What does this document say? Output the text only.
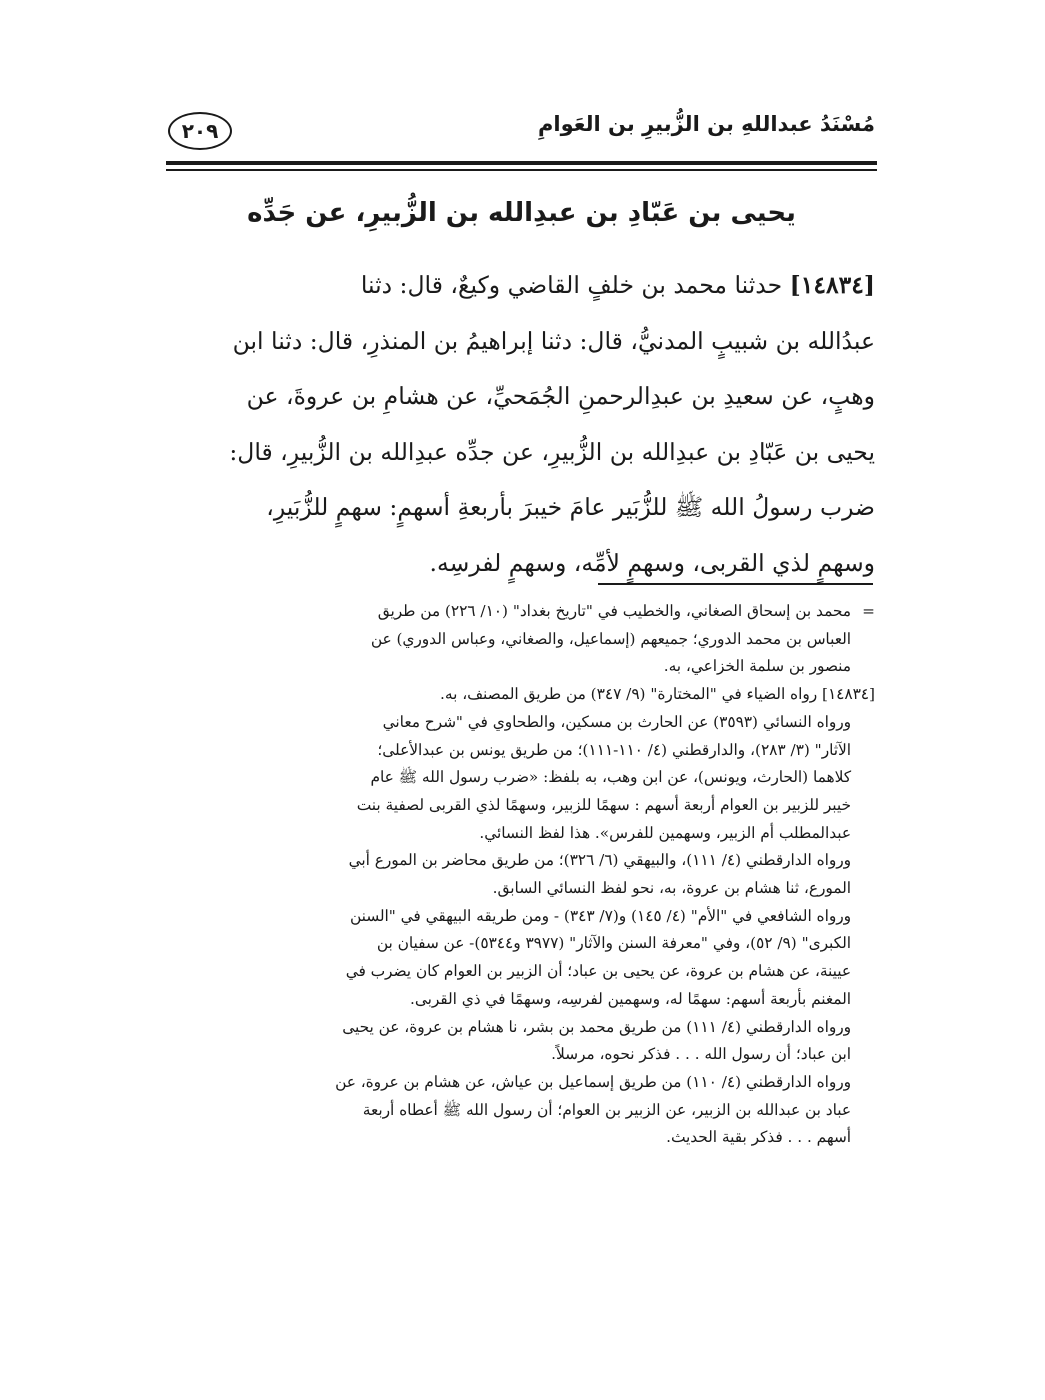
مُسْنَدُ عبداللهِ بن الزُّبيرِ بن العَوامِ
٢٠٩
يحيى بن عَبّادِ بن عبدِالله بن الزُّبيرِ، عن جَدِّه
[١٤٨٣٤] حدثنا محمد بن خلفٍ القاضي وكيعٌ، قال: دثنا
عبدُالله بن شبيبٍ المدنيُّ، قال: دثنا إبراهيمُ بن المنذرِ، قال: دثنا ابن
وهبٍ، عن سعيدِ بن عبدِالرحمنِ الجُمَحيِّ، عن هشامِ بن عروةَ، عن
يحيى بن عَبّادِ بن عبدِالله بن الزُّبيرِ، عن جدِّه عبدِالله بن الزُّبيرِ، قال:
ضرب رسولُ الله ﷺ للزُّبَير عامَ خيبرَ بأربعةِ أسهمٍ: سهمٍ للزُّبَيرِ،
وسهمٍ لذي القربى، وسهمٍ لأمِّه، وسهمٍ لفرسِه.
=
محمد بن إسحاق الصغاني، والخطيب في "تاريخ بغداد" (١٠/ ٢٢٦) من طريق
العباس بن محمد الدوري؛ جميعهم (إسماعيل، والصغاني، وعباس الدوري) عن
منصور بن سلمة الخزاعي، به.
[١٤٨٣٤] رواه الضياء في "المختارة" (٩/ ٣٤٧) من طريق المصنف، به.
ورواه النسائي (٣٥٩٣) عن الحارث بن مسكين، والطحاوي في "شرح معاني
الآثار" (٣/ ٢٨٣)، والدارقطني (٤/ ١١٠-١١١)؛ من طريق يونس بن عبدالأعلى؛
كلاهما (الحارث، ويونس)، عن ابن وهب، به بلفظ: «ضرب رسول الله ﷺ عام
خيبر للزبير بن العوام أربعة أسهم : سهمًا للزبير، وسهمًا لذي القربى لصفية بنت
عبدالمطلب أم الزبير، وسهمين للفرس». هذا لفظ النسائي.
ورواه الدارقطني (٤/ ١١١)، والبيهقي (٦/ ٣٢٦)؛ من طريق محاضر بن المورع أبي
المورع، ثنا هشام بن عروة، به، نحو لفظ النسائي السابق.
ورواه الشافعي في "الأم" (٤/ ١٤٥) و(٧/ ٣٤٣) - ومن طريقه البيهقي في "السنن
الكبرى" (٩/ ٥٢)، وفي "معرفة السنن والآثار" (٣٩٧٧ و٥٣٤٤)- عن سفيان بن
عيينة، عن هشام بن عروة، عن يحيى بن عباد؛ أن الزبير بن العوام كان يضرب في
المغنم بأربعة أسهم: سهمًا له، وسهمين لفرسِه، وسهمًا في ذي القربى.
ورواه الدارقطني (٤/ ١١١) من طريق محمد بن بشر، نا هشام بن عروة، عن يحيى
ابن عباد؛ أن رسول الله . . . فذكر نحوه، مرسلاً.
ورواه الدارقطني (٤/ ١١٠) من طريق إسماعيل بن عياش، عن هشام بن عروة، عن
عباد بن عبدالله بن الزبير، عن الزبير بن العوام؛ أن رسول الله ﷺ أعطاه أربعة
أسهم . . . فذكر بقية الحديث.
